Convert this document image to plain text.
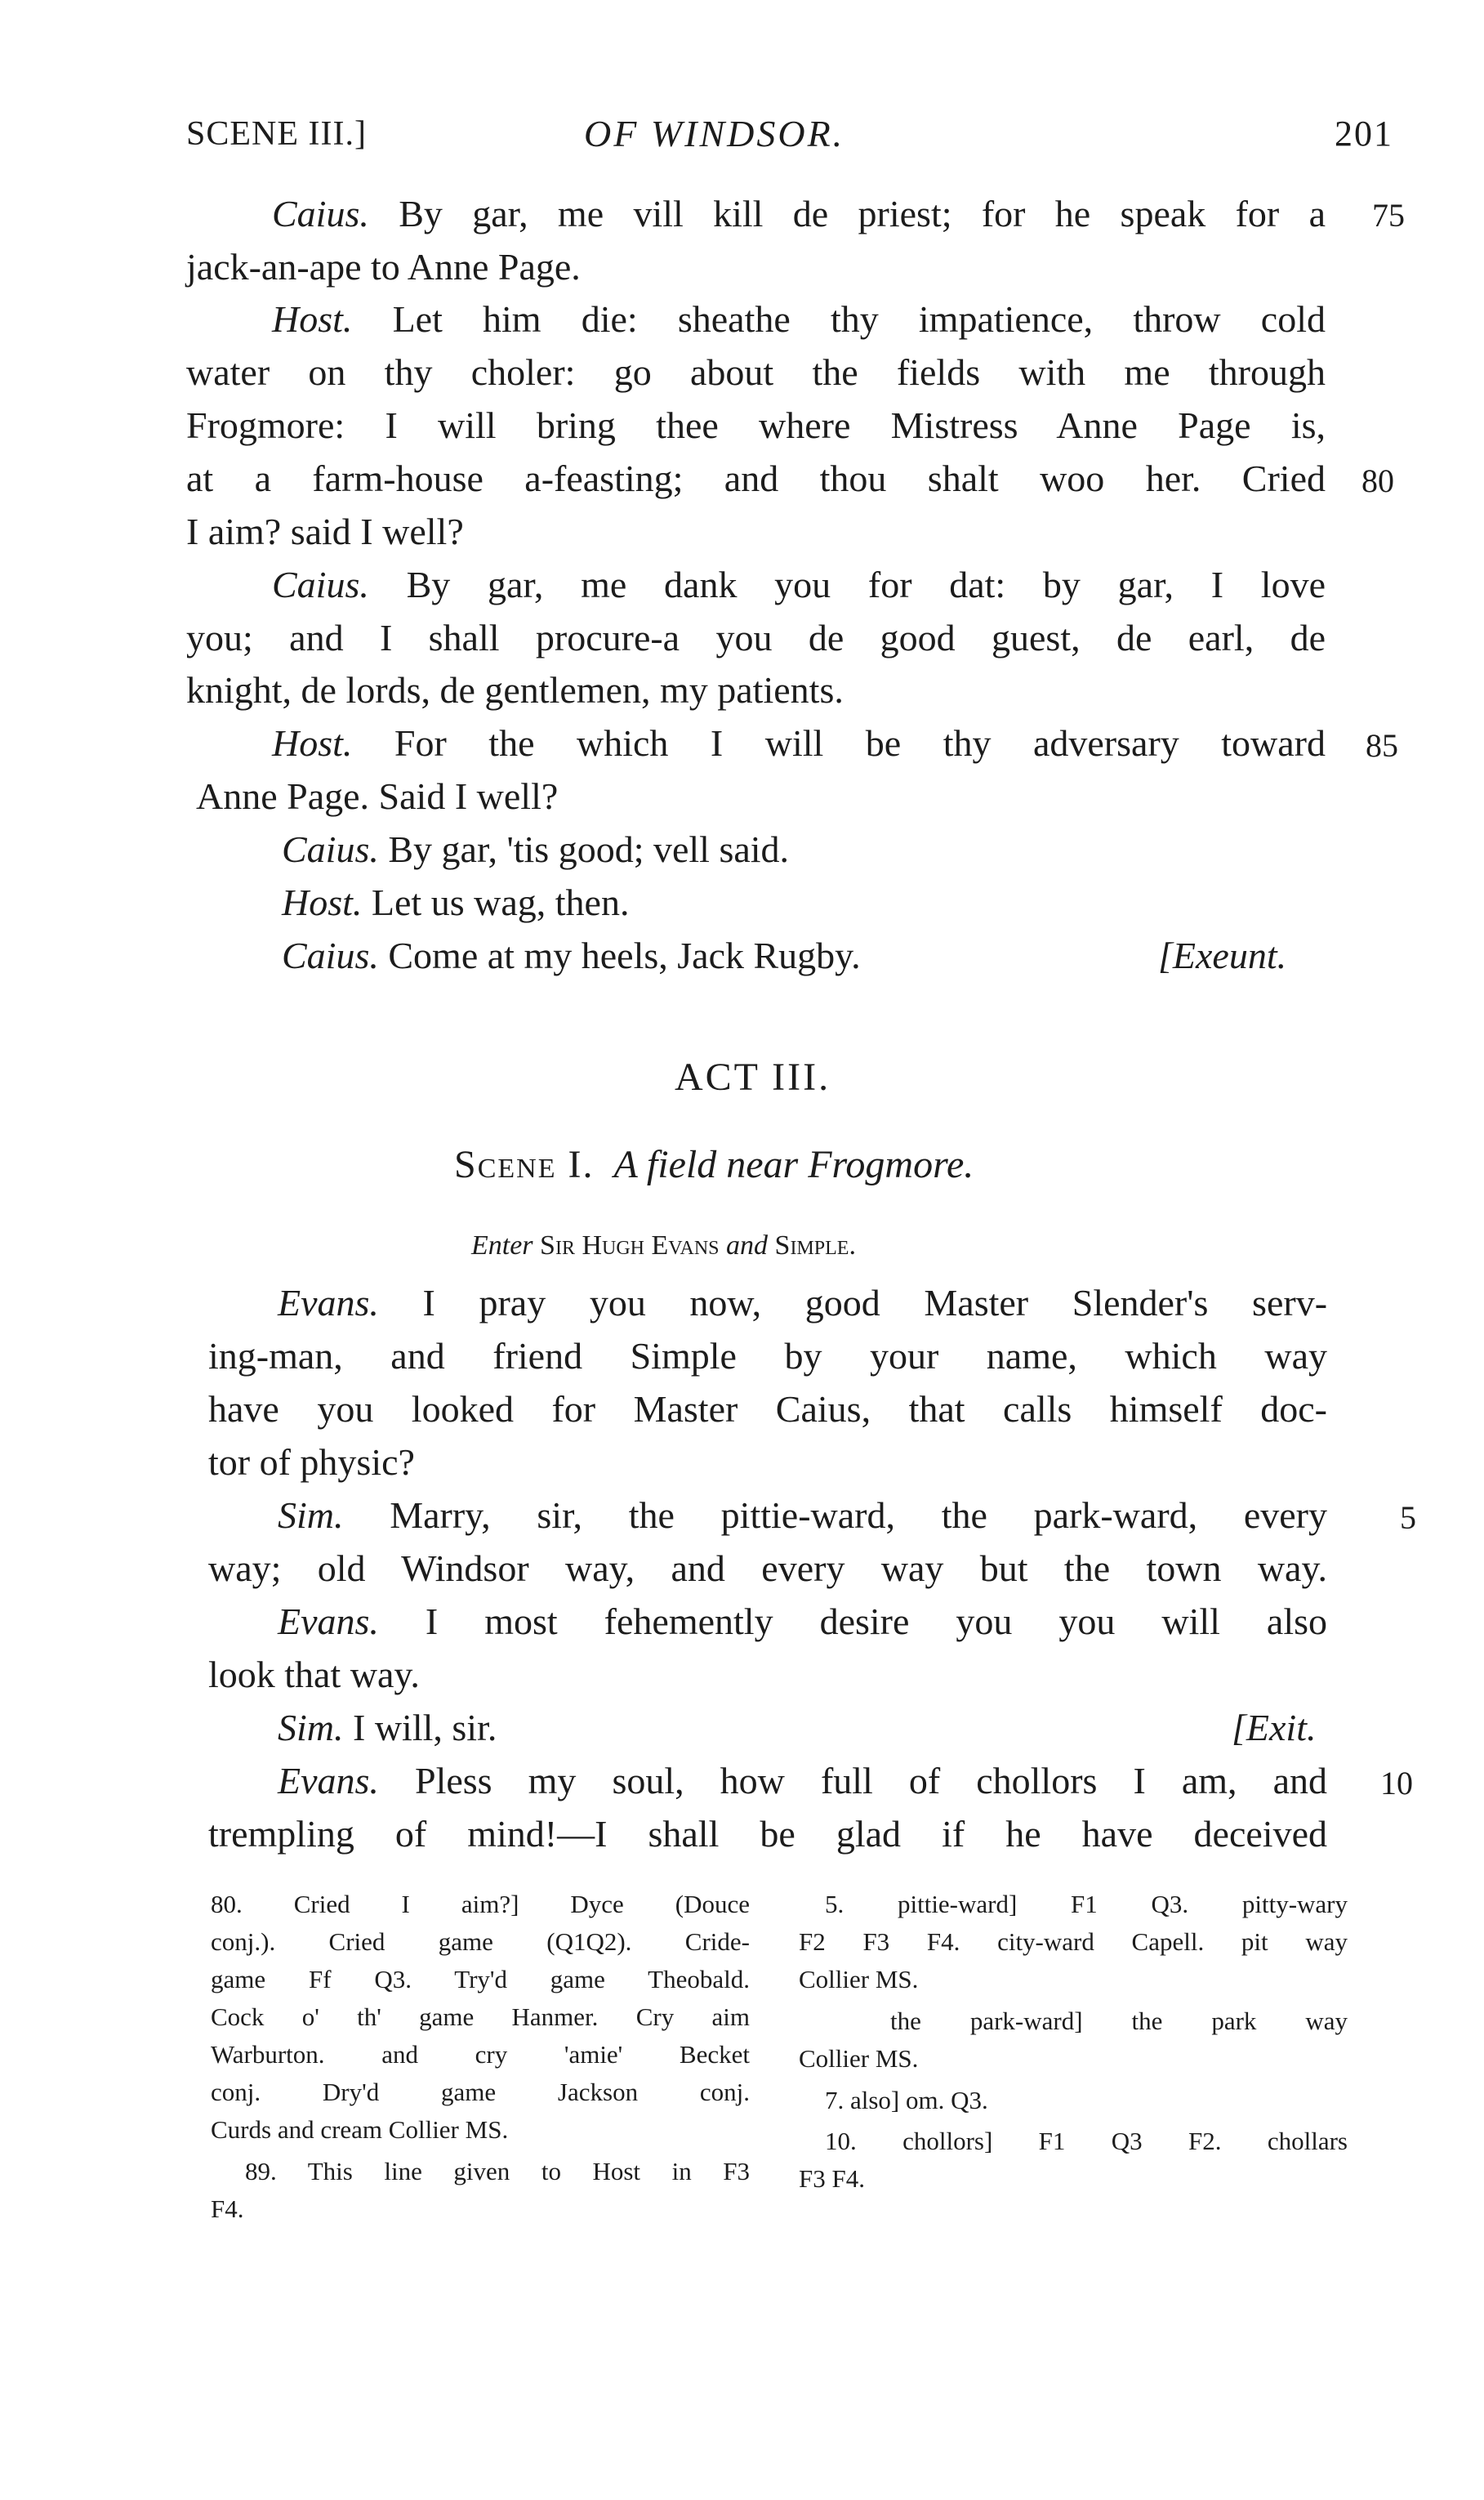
SCENE III.]	OF WINDSOR.	201
Caius. By gar, me vill kill de priest; for he speak for a
jack-an-ape to Anne Page.
Host. Let him die: sheathe thy impatience, throw cold
water on thy choler: go about the fields with me through
Frogmore: I will bring thee where Mistress Anne Page is,
at a farm-house a-feasting; and thou shalt woo her. Cried
I aim? said I well?
Caius. By gar, me dank you for dat: by gar, I love
you; and I shall procure-a you de good guest, de earl, de
knight, de lords, de gentlemen, my patients.
Host. For the which I will be thy adversary toward
Anne Page. Said I well?
Caius. By gar, 'tis good; vell said.
Host. Let us wag, then.
Caius. Come at my heels, Jack Rugby.	[Exeunt.
75
80
85
ACT III.
Scene I. A field near Frogmore.
Enter Sir Hugh Evans and Simple.
Evans. I pray you now, good Master Slender's serv-
ing-man, and friend Simple by your name, which way
have you looked for Master Caius, that calls himself doc-
tor of physic?
Sim. Marry, sir, the pittie-ward, the park-ward, every
way; old Windsor way, and every way but the town way.
Evans. I most fehemently desire you you will also
look that way.
Sim. I will, sir.	[Exit.
Evans. Pless my soul, how full of chollors I am, and
trempling of mind!—I shall be glad if he have deceived
5
10
80. Cried I aim?] Dyce (Douce
conj.). Cried game (Q1Q2). Cride-
game Ff Q3. Try'd game Theobald.
Cock o' th' game Hanmer. Cry aim
Warburton. and cry 'amie' Becket
conj. Dry'd game Jackson conj.
Curds and cream Collier MS.
89. This line given to Host in F3
F4.
5. pittie-ward] F1 Q3. pitty-wary
F2 F3 F4. city-ward Capell. pit way
Collier MS.
the park-ward] the park way
Collier MS.
7. also] om. Q3.
10. chollors] F1 Q3 F2. chollars
F3 F4.
